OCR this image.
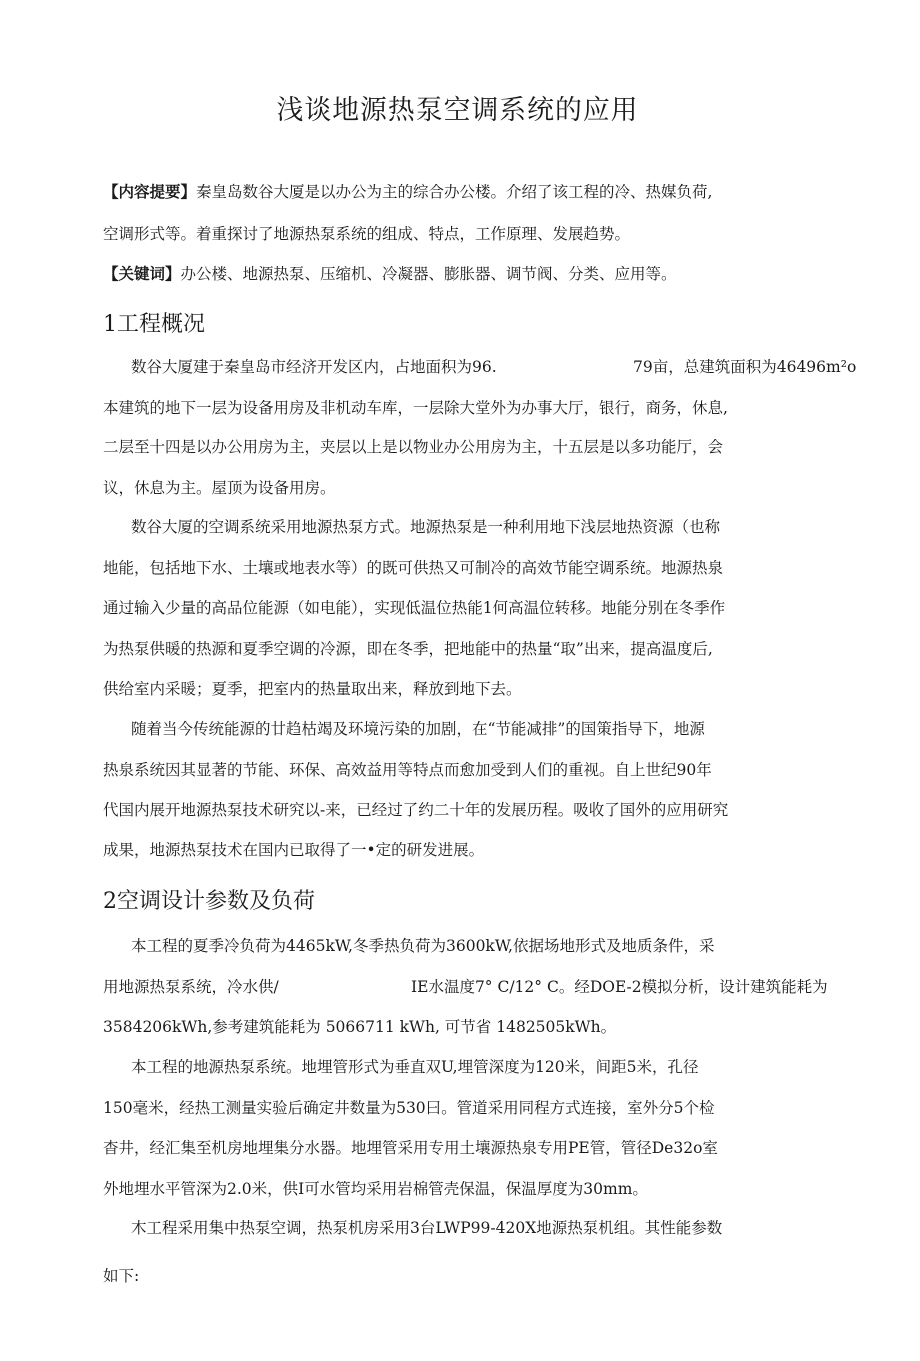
浅谈地源热泵空调系统的应用
【内容提要】秦皇岛数谷大厦是以办公为主的综合办公楼。介绍了该工程的冷、热媒负荷,
空调形式等。着重探讨了地源热泵系统的组成、特点，工作原理、发展趋势。
【关键词】办公楼、地源热泵、压缩机、冷凝器、膨胀器、调节阀、分类、应用等。
1工程概况
数谷大厦建于秦皇岛市经济开发区内，占地面积为96.	79亩，总建筑面积为46496m²o
本建筑的地下一层为设备用房及非机动车库，一层除大堂外为办事大厅，银行，商务，休息,
二层至十四是以办公用房为主，夹层以上是以物业办公用房为主，十五层是以多功能厅，会
议，休息为主。屋顶为设备用房。
数谷大厦的空调系统采用地源热泵方式。地源热泵是一种利用地下浅层地热资源（也称
地能，包括地下水、土壤或地表水等）的既可供热又可制冷的高效节能空调系统。地源热泉
通过输入少量的高品位能源（如电能），实现低温位热能1何高温位转移。地能分别在冬季作
为热泵供暖的热源和夏季空调的冷源，即在冬季，把地能中的热量“取”出来，提高温度后,
供给室内采暖；夏季，把室内的热量取出来，释放到地下去。
随着当今传统能源的廿趋枯竭及环境污染的加剧，在“节能减排”的国策指导下，地源
热泉系统因其显著的节能、环保、高效益用等特点而愈加受到人们的重视。自上世纪90年
代国内展开地源热泵技术研究以-来，已经过了约二十年的发展历程。吸收了国外的应用研究
成果，地源热泵技术在国内已取得了一•定的研发进展。
2空调设计参数及负荷
本工程的夏季冷负荷为4465kW,冬季热负荷为3600kW,依据场地形式及地质条件，采
用地源热泵系统，冷水供/	IE水温度7° C/12° C。经DOE-2模拟分析，设计建筑能耗为
3584206kWh,参考建筑能耗为 5066711 kWh, 可节省 1482505kWh。
本工程的地源热泵系统。地埋管形式为垂直双U,埋管深度为120米，间距5米，孔径
150毫米，经热工测量实验后确定井数量为530曰。管道采用同程方式连接，室外分5个检
杳井，经汇集至机房地埋集分水器。地埋管采用专用土壤源热泉专用PE管，管径De32o室
外地埋水平管深为2.0米，供I可水管均采用岩棉管壳保温，保温厚度为30mm。
木工程采用集中热泵空调，热泵机房采用3台LWP99-420X地源热泵机组。其性能参数
如下:
